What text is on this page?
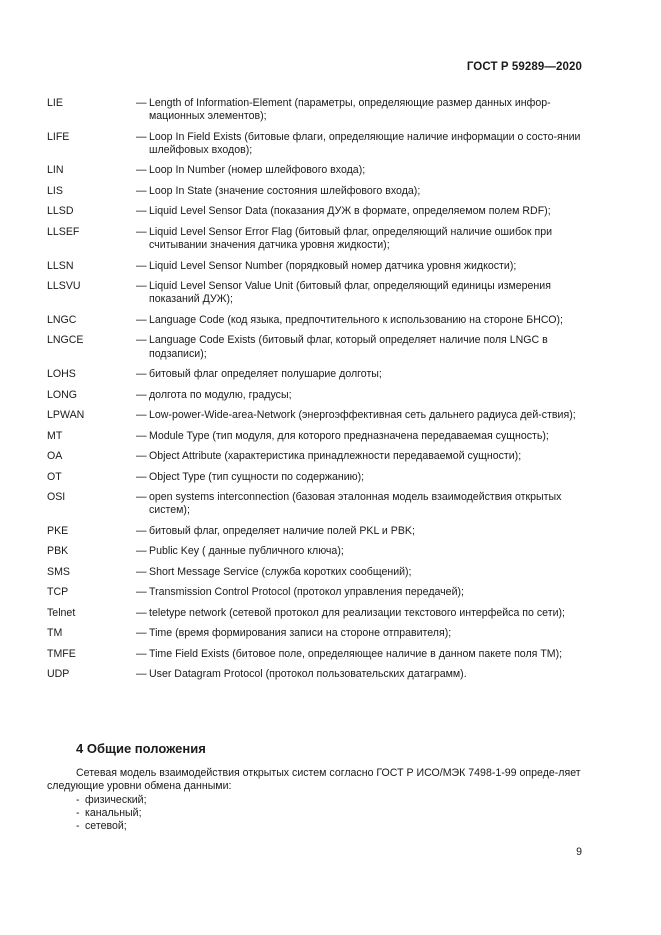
ГОСТ Р 59289—2020
LIE	— Length of Information-Element (параметры, определяющие размер данных инфор-мационных элементов);
LIFE	— Loop In Field Exists (битовые флаги, определяющие наличие информации о состо-янии шлейфовых входов);
LIN	— Loop In Number (номер шлейфового входа);
LIS	— Loop In State (значение состояния шлейфового входа);
LLSD	— Liquid Level Sensor Data (показания ДУЖ в формате, определяемом полем RDF);
LLSEF	— Liquid Level Sensor Error Flag (битовый флаг, определяющий наличие ошибок при считывании значения датчика уровня жидкости);
LLSN	— Liquid Level Sensor Number (порядковый номер датчика уровня жидкости);
LLSVU	— Liquid Level Sensor Value Unit (битовый флаг, определяющий единицы измерения показаний ДУЖ);
LNGC	— Language Code (код языка, предпочтительного к использованию на стороне БНСО);
LNGCE	— Language Code Exists (битовый флаг, который определяет наличие поля LNGC в подзаписи);
LOHS	— битовый флаг определяет полушарие долготы;
LONG	— долгота по модулю, градусы;
LPWAN	— Low-power-Wide-area-Network (энергоэффективная сеть дальнего радиуса дей-ствия);
MT	— Module Type (тип модуля, для которого предназначена передаваемая сущность);
OA	— Object Attribute (характеристика принадлежности передаваемой сущности);
OT	— Object Type (тип сущности по содержанию);
OSI	— open systems interconnection (базовая эталонная модель взаимодействия открытых систем);
PKE	— битовый флаг, определяет наличие полей PKL и PBK;
PBK	— Public Key ( данные публичного ключа);
SMS	— Short Message Service (служба коротких сообщений);
TCP	— Transmission Control Protocol (протокол управления передачей);
Telnet	— teletype network (сетевой протокол для реализации текстового интерфейса по сети);
TM	— Time (время формирования записи на стороне отправителя);
TMFE	— Time Field Exists (битовое поле, определяющее наличие в данном пакете поля TM);
UDP	— User Datagram Protocol (протокол пользовательских датаграмм).
4 Общие положения
Сетевая модель взаимодействия открытых систем согласно ГОСТ Р ИСО/МЭК 7498-1-99 опреде-ляет следующие уровни обмена данными:
- физический;
- канальный;
- сетевой;
9
